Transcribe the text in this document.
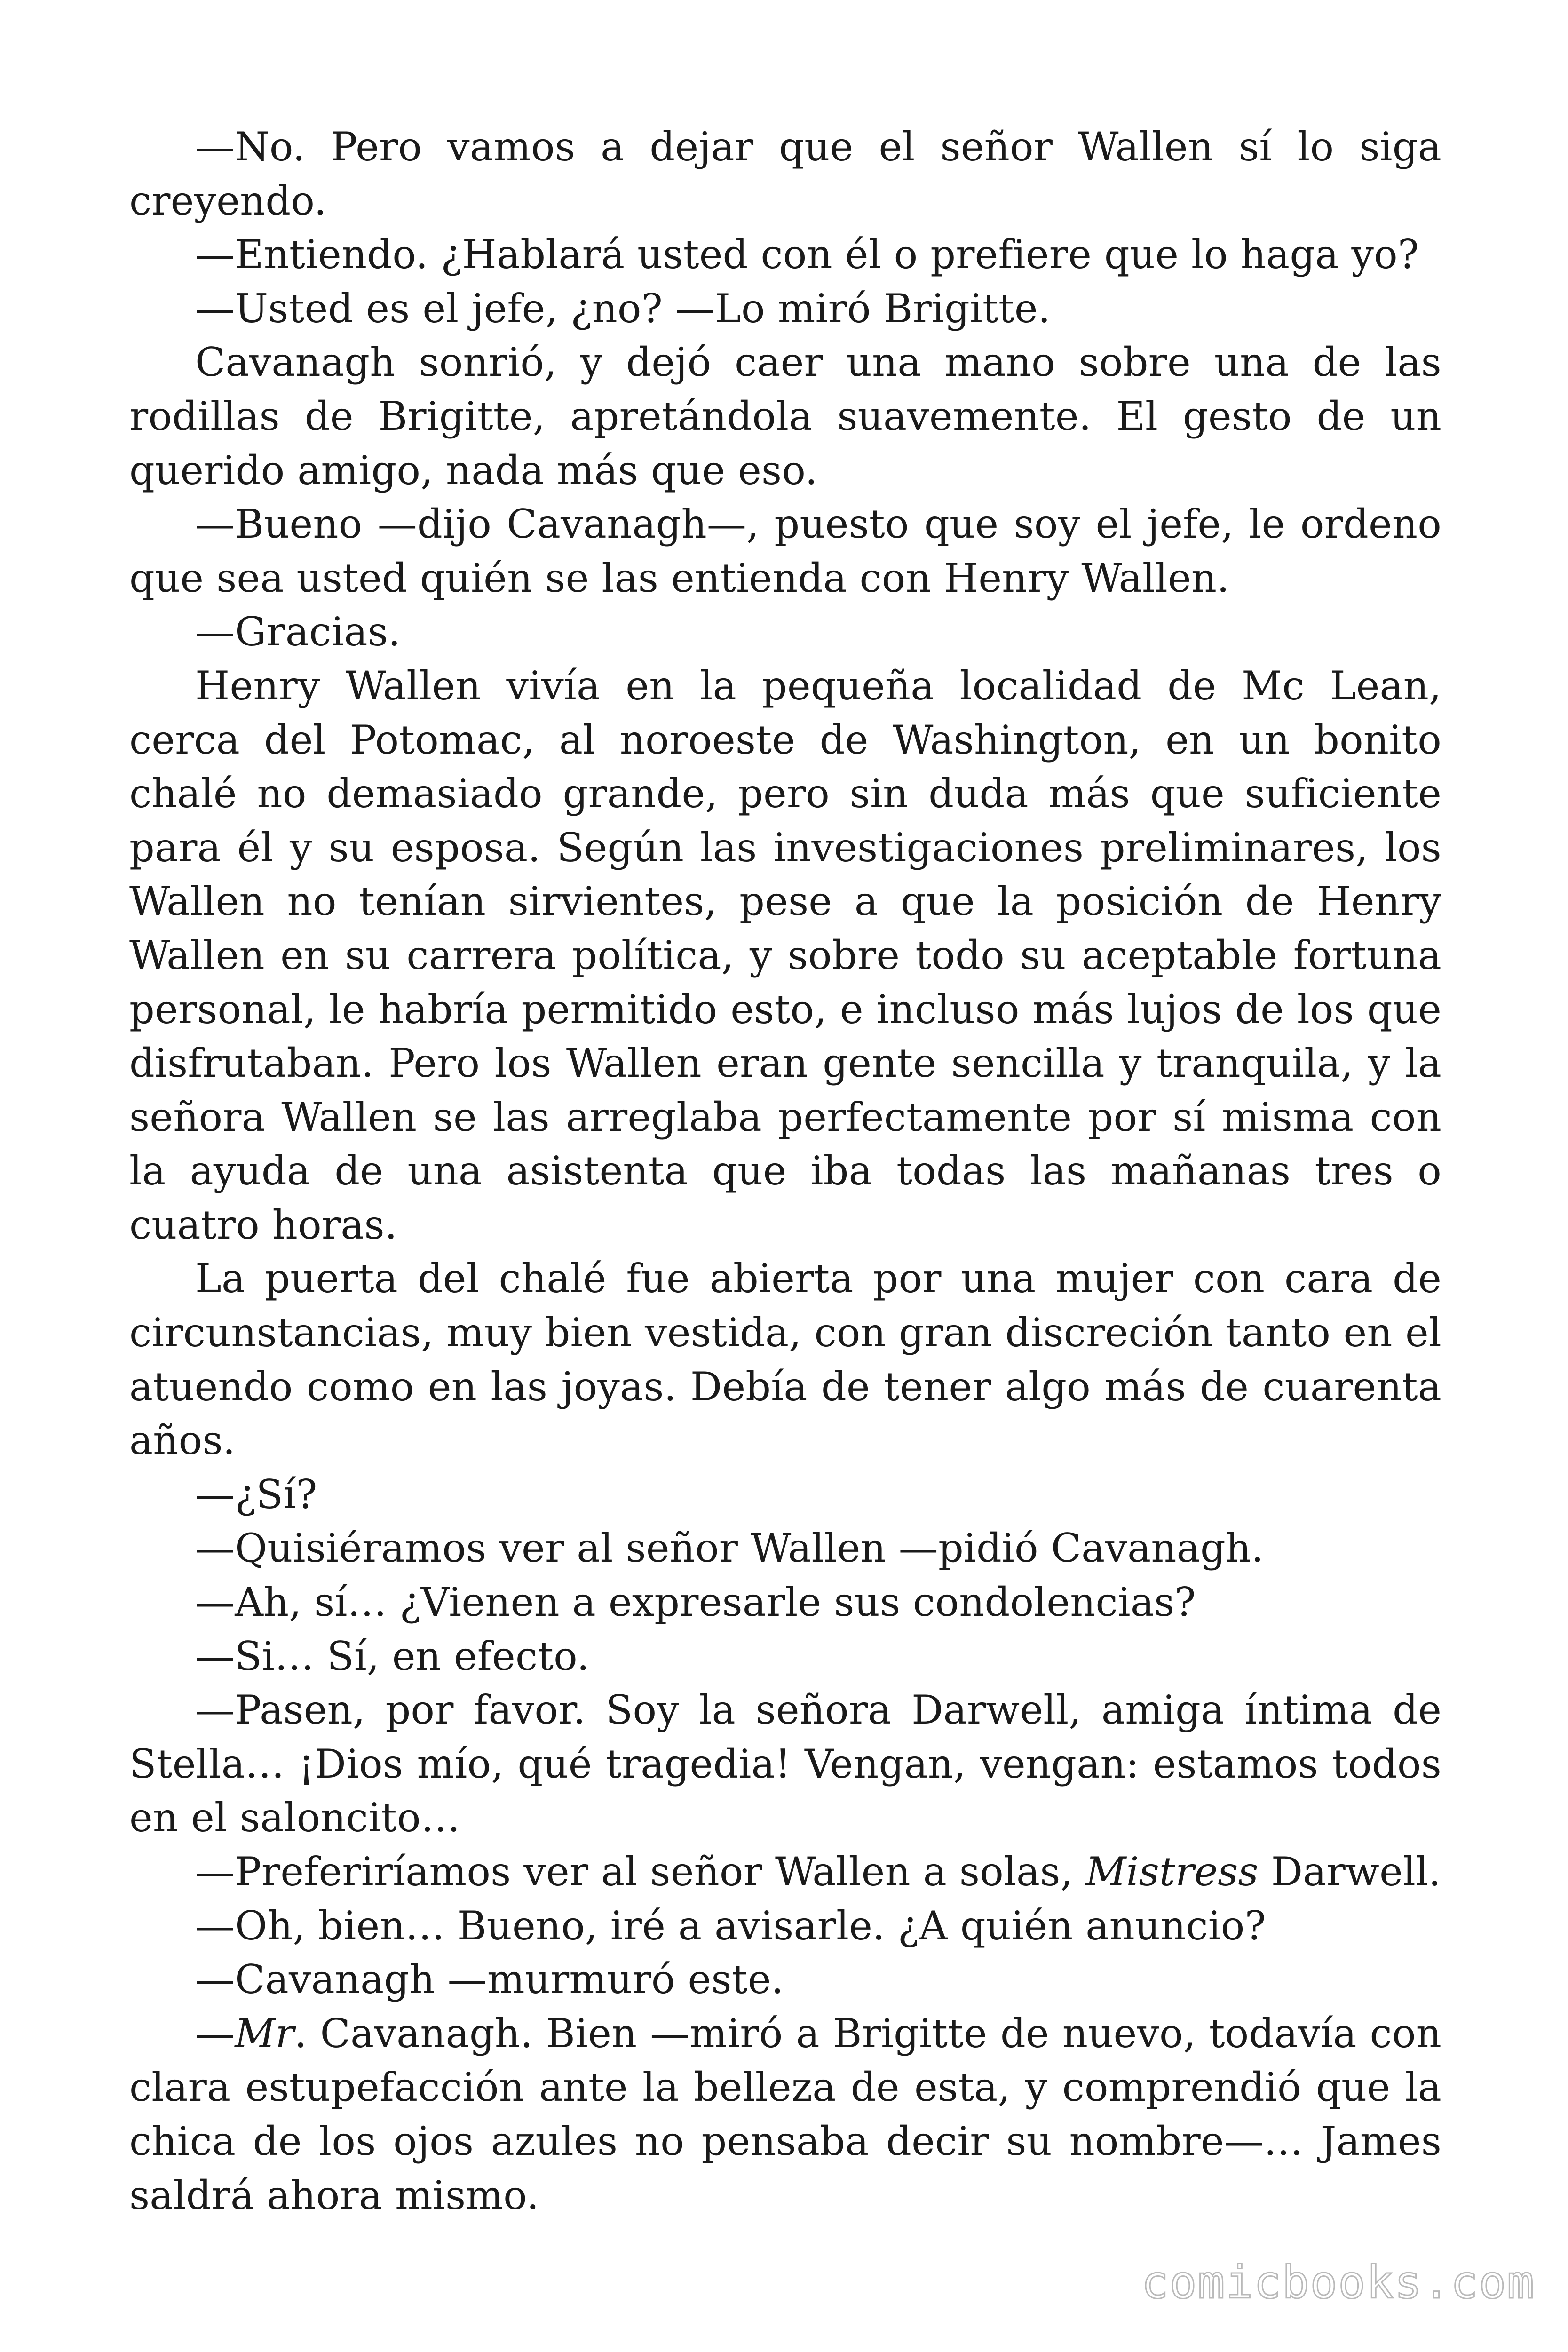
—No. Pero vamos a dejar que el señor Wallen sí lo siga creyendo.

—Entiendo. ¿Hablará usted con él o prefiere que lo haga yo?

—Usted es el jefe, ¿no? —Lo miró Brigitte.

Cavanagh sonrió, y dejó caer una mano sobre una de las rodillas de Brigitte, apretándola suavemente. El gesto de un querido amigo, nada más que eso.

—Bueno —dijo Cavanagh—, puesto que soy el jefe, le ordeno que sea usted quién se las entienda con Henry Wallen.

—Gracias.

Henry Wallen vivía en la pequeña localidad de Mc Lean, cerca del Potomac, al noroeste de Washington, en un bonito chalé no demasiado grande, pero sin duda más que suficiente para él y su esposa. Según las investigaciones preliminares, los Wallen no tenían sirvientes, pese a que la posición de Henry Wallen en su carrera política, y sobre todo su aceptable fortuna personal, le habría permitido esto, e incluso más lujos de los que disfrutaban. Pero los Wallen eran gente sencilla y tranquila, y la señora Wallen se las arreglaba perfectamente por sí misma con la ayuda de una asistenta que iba todas las mañanas tres o cuatro horas.

La puerta del chalé fue abierta por una mujer con cara de circunstancias, muy bien vestida, con gran discreción tanto en el atuendo como en las joyas. Debía de tener algo más de cuarenta años.

—¿Sí?

—Quisiéramos ver al señor Wallen —pidió Cavanagh.

—Ah, sí… ¿Vienen a expresarle sus condolencias?

—Si… Sí, en efecto.

—Pasen, por favor. Soy la señora Darwell, amiga íntima de Stella… ¡Dios mío, qué tragedia! Vengan, vengan: estamos todos en el saloncito…

—Preferiríamos ver al señor Wallen a solas, Mistress Darwell.

—Oh, bien… Bueno, iré a avisarle. ¿A quién anuncio?

—Cavanagh —murmuró este.

—Mr. Cavanagh. Bien —miró a Brigitte de nuevo, todavía con clara estupefacción ante la belleza de esta, y comprendió que la chica de los ojos azules no pensaba decir su nombre—… James saldrá ahora mismo.

comicbooks.com
